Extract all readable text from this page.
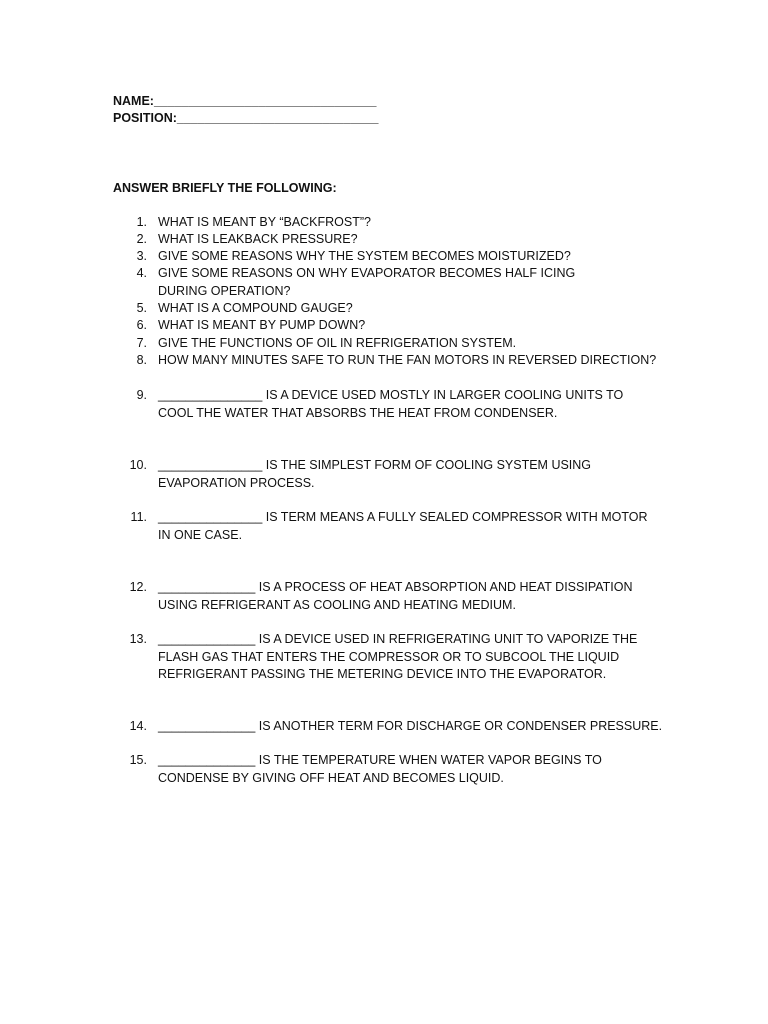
NAME:________________________________
POSITION:_____________________________
ANSWER BRIEFLY THE FOLLOWING:
1. WHAT IS MEANT BY “BACKFROST”?
2. WHAT IS LEAKBACK PRESSURE?
3. GIVE SOME REASONS WHY THE SYSTEM BECOMES MOISTURIZED?
4. GIVE SOME REASONS ON WHY EVAPORATOR BECOMES HALF ICING DURING OPERATION?
5. WHAT IS A COMPOUND GAUGE?
6. WHAT IS MEANT BY PUMP DOWN?
7. GIVE THE FUNCTIONS OF OIL IN REFRIGERATION SYSTEM.
8. HOW MANY MINUTES SAFE TO RUN THE FAN MOTORS IN REVERSED DIRECTION?
9. _______________ IS A DEVICE USED MOSTLY IN LARGER COOLING UNITS TO COOL THE WATER THAT ABSORBS THE HEAT FROM CONDENSER.
10. _______________ IS THE SIMPLEST FORM OF COOLING SYSTEM USING EVAPORATION PROCESS.
11. _______________ IS TERM MEANS A FULLY SEALED COMPRESSOR WITH MOTOR IN ONE CASE.
12. ______________ IS A PROCESS OF HEAT ABSORPTION AND HEAT DISSIPATION USING REFRIGERANT AS COOLING AND HEATING MEDIUM.
13. ______________ IS A DEVICE USED IN REFRIGERATING UNIT TO VAPORIZE THE FLASH GAS THAT ENTERS THE COMPRESSOR OR TO SUBCOOL THE LIQUID REFRIGERANT PASSING THE METERING DEVICE INTO THE EVAPORATOR.
14. ______________ IS ANOTHER TERM FOR DISCHARGE OR CONDENSER PRESSURE.
15. ______________ IS THE TEMPERATURE WHEN WATER VAPOR BEGINS TO CONDENSE BY GIVING OFF HEAT AND BECOMES LIQUID.
